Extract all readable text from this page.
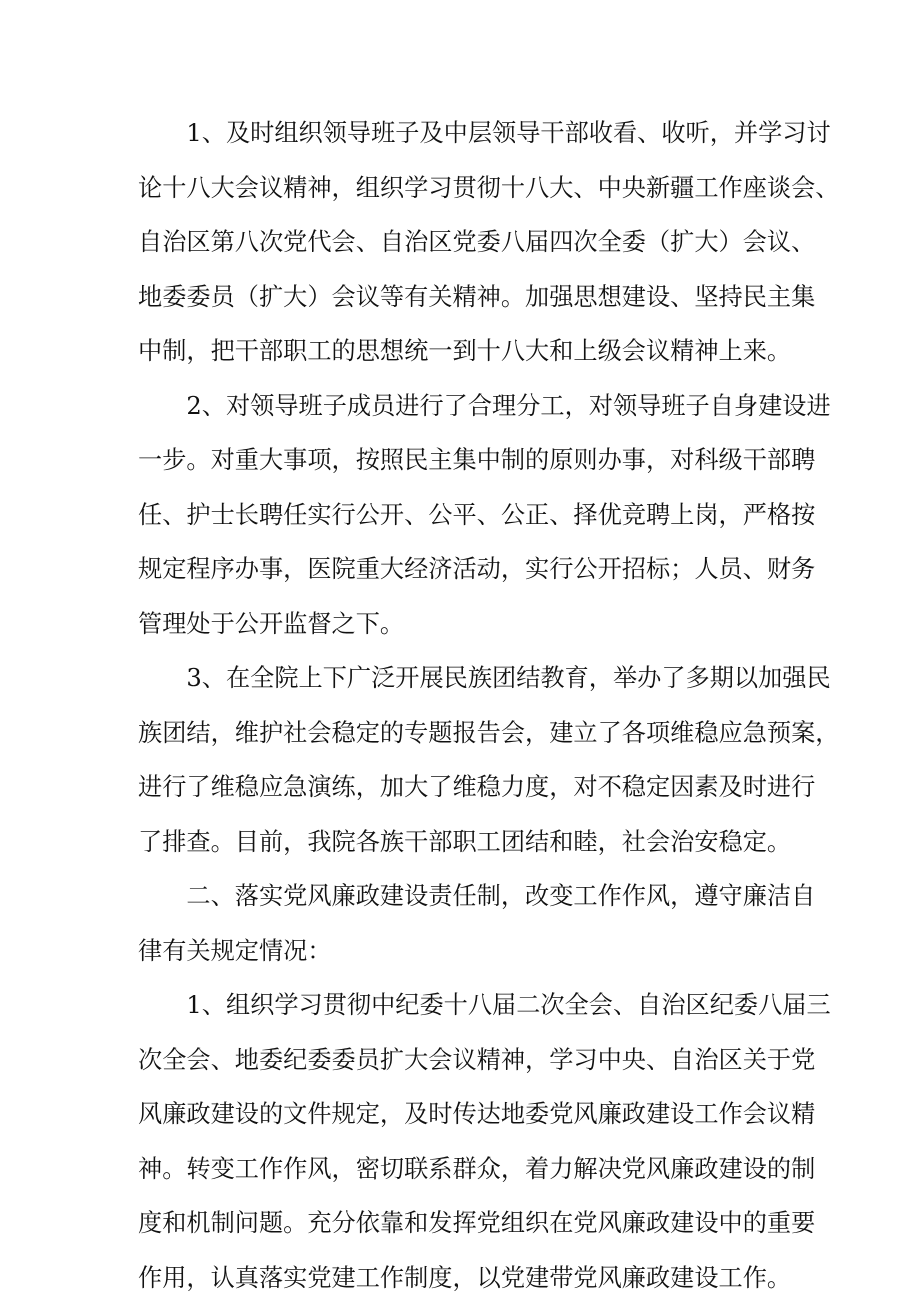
1、及时组织领导班子及中层领导干部收看、收听，并学习讨
论十八大会议精神，组织学习贯彻十八大、中央新疆工作座谈会、
自治区第八次党代会、自治区党委八届四次全委（扩大）会议、
地委委员（扩大）会议等有关精神。加强思想建设、坚持民主集
中制，把干部职工的思想统一到十八大和上级会议精神上来。

2、对领导班子成员进行了合理分工，对领导班子自身建设进
一步。对重大事项，按照民主集中制的原则办事，对科级干部聘
任、护士长聘任实行公开、公平、公正、择优竞聘上岗，严格按
规定程序办事，医院重大经济活动，实行公开招标；人员、财务
管理处于公开监督之下。

3、在全院上下广泛开展民族团结教育，举办了多期以加强民
族团结，维护社会稳定的专题报告会，建立了各项维稳应急预案，
进行了维稳应急演练，加大了维稳力度，对不稳定因素及时进行
了排查。目前，我院各族干部职工团结和睦，社会治安稳定。

二、落实党风廉政建设责任制，改变工作作风，遵守廉洁自
律有关规定情况：

1、组织学习贯彻中纪委十八届二次全会、自治区纪委八届三
次全会、地委纪委委员扩大会议精神，学习中央、自治区关于党
风廉政建设的文件规定，及时传达地委党风廉政建设工作会议精
神。转变工作作风，密切联系群众，着力解决党风廉政建设的制
度和机制问题。充分依靠和发挥党组织在党风廉政建设中的重要
作用，认真落实党建工作制度，以党建带党风廉政建设工作。
